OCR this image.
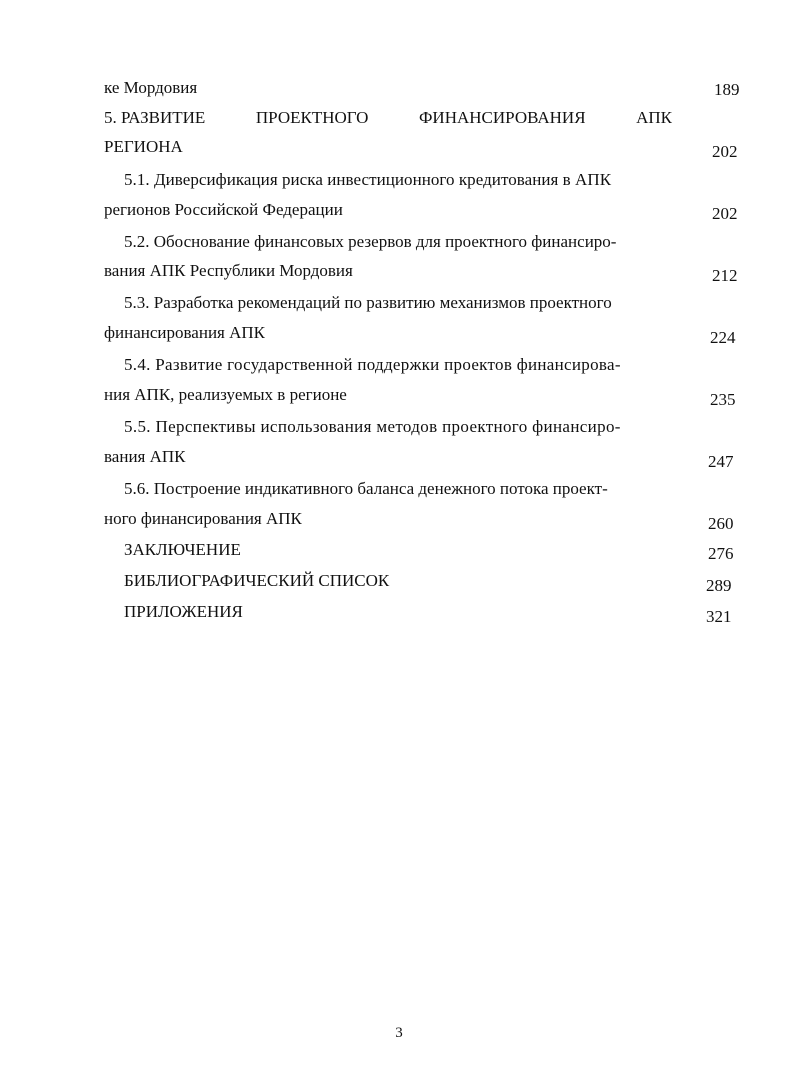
ке Мордовия	189
5. РАЗВИТИЕ	ПРОЕКТНОГО	ФИНАНСИРОВАНИЯ	АПК
РЕГИОНА	202
5.1. Диверсификация риска инвестиционного кредитования в АПК
регионов Российской Федерации	202
5.2. Обоснование финансовых резервов для проектного финансиро-
вания АПК Республики Мордовия	212
5.3. Разработка рекомендаций по развитию механизмов проектного
финансирования АПК	224
5.4. Развитие государственной поддержки проектов финансирова-
ния АПК, реализуемых в регионе	235
5.5. Перспективы использования методов проектного финансиро-
вания АПК	247
5.6. Построение индикативного баланса денежного потока проект-
ного финансирования АПК	260
ЗАКЛЮЧЕНИЕ	276
БИБЛИОГРАФИЧЕСКИЙ СПИСОК	289
ПРИЛОЖЕНИЯ	321
3
